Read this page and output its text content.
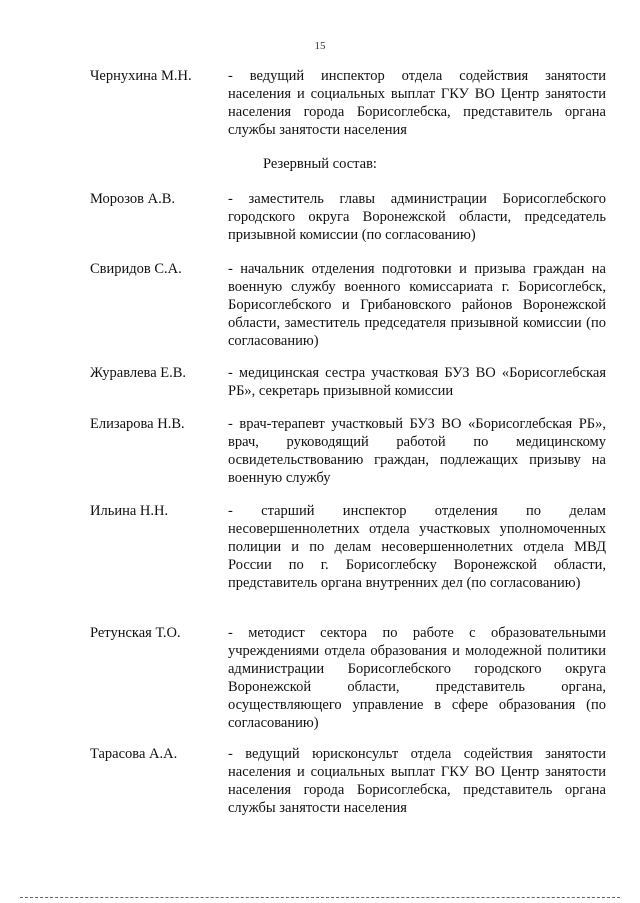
15
Чернухина М.Н.	- ведущий инспектор отдела содействия занятости населения и социальных выплат ГКУ ВО Центр занятости населения города Борисоглебска, представитель органа службы занятости населения
Резервный состав:
Морозов А.В.	- заместитель главы администрации Борисоглебского городского округа Воронежской области, председатель призывной комиссии (по согласованию)
Свиридов С.А.	- начальник отделения подготовки и призыва граждан на военную службу военного комиссариата г. Борисоглебск, Борисоглебского и Грибановского районов Воронежской области, заместитель председателя призывной комиссии (по согласованию)
Журавлева Е.В.	- медицинская сестра участковая БУЗ ВО «Борисоглебская РБ», секретарь призывной комиссии
Елизарова Н.В.	- врач-терапевт участковый БУЗ ВО «Борисоглебская РБ», врач, руководящий работой по медицинскому освидетельствованию граждан, подлежащих призыву на военную службу
Ильина Н.Н.	- старший инспектор отделения по делам несовершеннолетних отдела участковых уполномоченных полиции и по делам несовершеннолетних отдела МВД России по г. Борисоглебску Воронежской области, представитель органа внутренних дел (по согласованию)
Ретунская Т.О.	- методист сектора по работе с образовательными учреждениями отдела образования и молодежной политики администрации Борисоглебского городского округа Воронежской области, представитель органа, осуществляющего управление в сфере образования (по согласованию)
Тарасова А.А.	- ведущий юрисконсульт отдела содействия занятости населения и социальных выплат ГКУ ВО Центр занятости населения города Борисоглебска, представитель органа службы занятости населения
